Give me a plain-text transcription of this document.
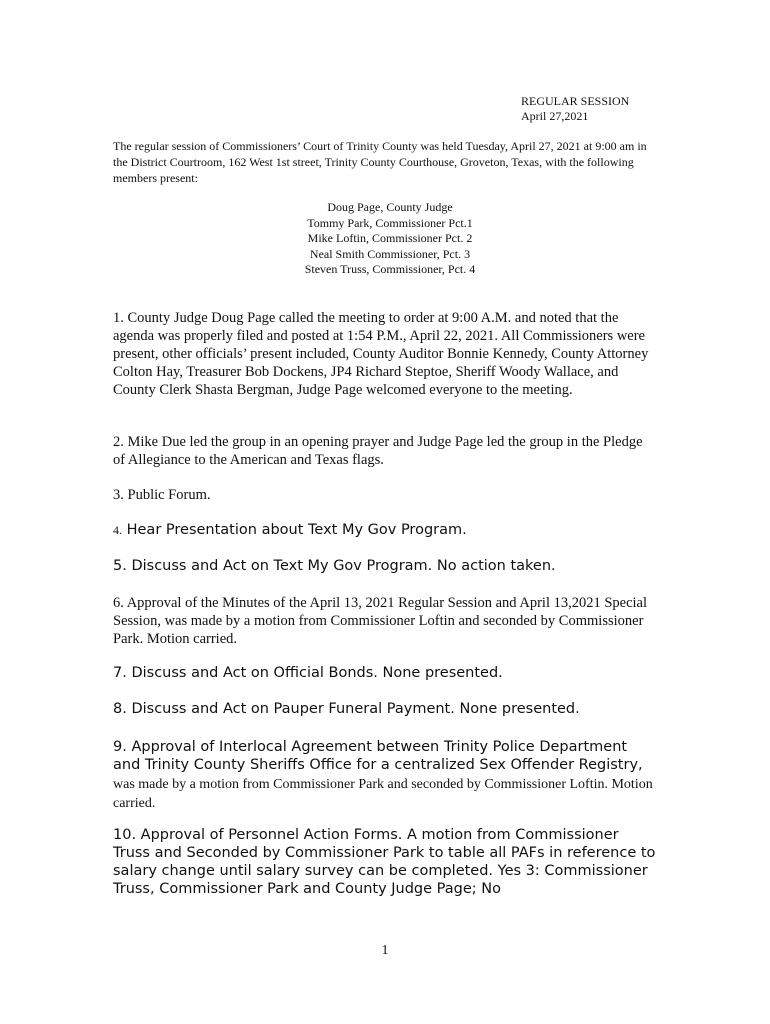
REGULAR SESSION
April 27,2021
The regular session of Commissioners’ Court of Trinity County was held Tuesday, April 27, 2021 at 9:00 am in the District Courtroom, 162 West 1st street, Trinity County Courthouse, Groveton, Texas, with the following members present:
Doug Page, County Judge
Tommy Park, Commissioner Pct.1
Mike Loftin, Commissioner Pct. 2
Neal Smith Commissioner, Pct. 3
Steven Truss, Commissioner, Pct. 4
1. County Judge Doug Page called the meeting to order at 9:00 A.M. and noted that the agenda was properly filed and posted at 1:54 P.M., April 22, 2021. All Commissioners were present, other officials’ present included, County Auditor Bonnie Kennedy, County Attorney Colton Hay, Treasurer Bob Dockens, JP4 Richard Steptoe, Sheriff Woody Wallace, and County Clerk Shasta Bergman, Judge Page welcomed everyone to the meeting.
2. Mike Due led the group in an opening prayer and Judge Page led the group in the Pledge of Allegiance to the American and Texas flags.
3. Public Forum.
4. Hear Presentation about Text My Gov Program.
5. Discuss and Act on Text My Gov Program. No action taken.
6. Approval of the Minutes of the April 13, 2021 Regular Session and April 13,2021 Special Session, was made by a motion from Commissioner Loftin and seconded by Commissioner Park. Motion carried.
7. Discuss and Act on Official Bonds. None presented.
8. Discuss and Act on Pauper Funeral Payment. None presented.
9. Approval of Interlocal Agreement between Trinity Police Department and Trinity County Sheriffs Office for a centralized Sex Offender Registry, was made by a motion from Commissioner Park and seconded by Commissioner Loftin. Motion carried.
10. Approval of Personnel Action Forms. A motion from Commissioner Truss and Seconded by Commissioner Park to table all PAFs in reference to salary change until salary survey can be completed. Yes 3: Commissioner Truss, Commissioner Park and County Judge Page; No
1
